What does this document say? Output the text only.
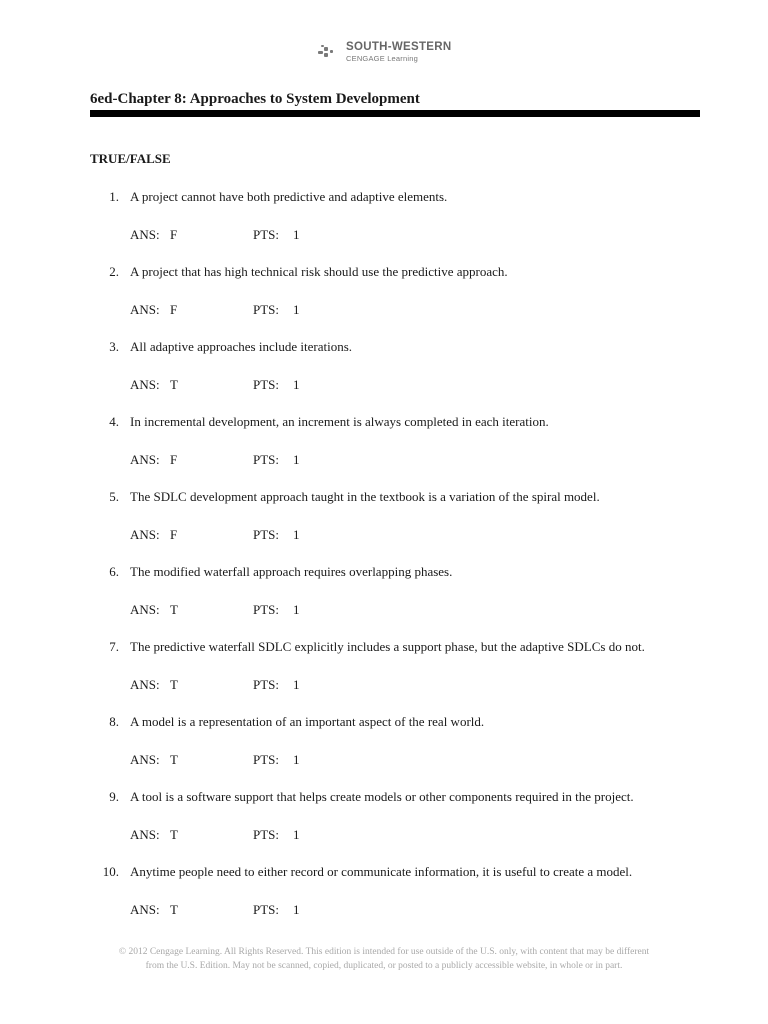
SOUTH-WESTERN
CENGAGE Learning
6ed-Chapter 8: Approaches to System Development
TRUE/FALSE
1. A project cannot have both predictive and adaptive elements.
ANS: F	PTS: 1
2. A project that has high technical risk should use the predictive approach.
ANS: F	PTS: 1
3. All adaptive approaches include iterations.
ANS: T	PTS: 1
4. In incremental development, an increment is always completed in each iteration.
ANS: F	PTS: 1
5. The SDLC development approach taught in the textbook is a variation of the spiral model.
ANS: F	PTS: 1
6. The modified waterfall approach requires overlapping phases.
ANS: T	PTS: 1
7. The predictive waterfall SDLC explicitly includes a support phase, but the adaptive SDLCs do not.
ANS: T	PTS: 1
8. A model is a representation of an important aspect of the real world.
ANS: T	PTS: 1
9. A tool is a software support that helps create models or other components required in the project.
ANS: T	PTS: 1
10. Anytime people need to either record or communicate information, it is useful to create a model.
ANS: T	PTS: 1
© 2012 Cengage Learning. All Rights Reserved. This edition is intended for use outside of the U.S. only, with content that may be different
from the U.S. Edition. May not be scanned, copied, duplicated, or posted to a publicly accessible website, in whole or in part.
